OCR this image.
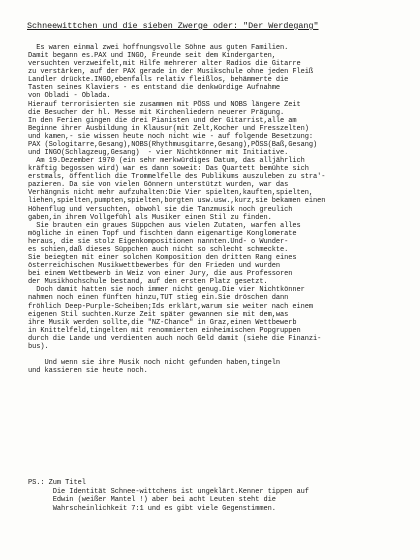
Schneewittchen und die sieben Zwerge oder: "Der Werdegang"
Es waren einmal zwei hoffnungsvolle Söhne aus guten Familien.
Damit begann es.PAX und INGO, Freunde seit dem Kindergarten,
versuchten verzweifelt,mit Hilfe mehrerer alter Radios die Gitarre
zu verstärken, auf der PAX gerade in der Musikschule ohne jeden Fleiß
Landler drückte.INGO,ebenfalls relativ fleißlos, behämmerte die
Tasten seines Klaviers - es entstand die denkwürdige Aufnahme
von Obladi - Oblada.
Hierauf terrorisierten sie zusammen mit PÖSS und NOBS längere Zeit
die Besucher der hl. Messe mit Kirchenliedern neuerer Prägung.
In den Ferien gingen die drei Pianisten und der Gitarrist,alle am
Beginne ihrer Ausbildung in Klausur(mit Zelt,Kocher und Fresszelten)
und kamen,- sie wissen heute noch nicht wie - auf folgende Besetzung:
PAX (Sologitarre,Gesang),NOBS(Rhythmusgitarre,Gesang),PÖSS(Baß,Gesang)
und INGO(Schlagzeug,Gesang)  - vier Nichtkönner mit Initiative.
Am 19.Dezember 1970 (ein sehr merkwürdiges Datum, das alljährlich
kräftig begossen wird) war es dann soweit: Das Quartett bemühte sich
erstmals, öffentlich die Trommelfelle des Publikums auszuleben zu stra'-
pazieren. Da sie von vielen Gönnern unterstützt wurden, war das
Verhängnis nicht mehr aufzuhalten:Die Vier spielten,kauften,spielten,
liehen,spielten,pumpten,spielten,borgten usw.usw.,kurz,sie bekamen einen
Höhenflug und versuchten, obwohl sie die Tanzmusik noch greulich
gaben,in ihrem Vollgefühl als Musiker einen Stil zu finden.
Sie brauten ein graues Süppchen aus vielen Zutaten, warfen alles
mögliche in einen Topf und fischten dann eigenartige Konglomerate
heraus, die sie stolz Eigenkompositionen nannten.Und- o Wunder-
es schien,daß dieses Süppchen auch nicht so schlecht schmeckte.
Sie beiegten mit einer solchen Komposition den dritten Rang eines
österreichischen Musikwettbewerbes für den Frieden und wurden
bei einem Wettbewerb in Weiz von einer Jury, die aus Professoren
der Musikhochschule bestand, auf den ersten Platz gesetzt.
Doch damit hatten sie noch immer nicht genug.Die vier Nichtkönner
nahmen noch einen fünften hinzu,TUT stieg ein.Sie dröschen dann
fröhlich Deep-Purple-Scheiben;Ids erklärt,warum sie weiter nach einem
eigenen Stil suchten.Kurze Zeit später gewannen sie mit dem,was
ihre Musik werden sollte,die "NZ-Chance" in Graz,einen Wettbewerb
in Knittelfeld,tingelten mit renommierten einheimischen Popgruppen
durch die Lande und verdienten auch noch Geld damit (siehe die Finanzi-
bus).
Und wenn sie ihre Musik noch nicht gefunden haben,tingeln
und kassieren sie heute noch.
PS.: Zum Titel
Die Identität Schnee-wittchens ist ungeklärt.Kenner tippen auf
Edwin (weißer Mantel !) aber bei acht Leuten steht die
Wahrscheinlichkeit 7:1 und es gibt viele Gegenstimmen.
